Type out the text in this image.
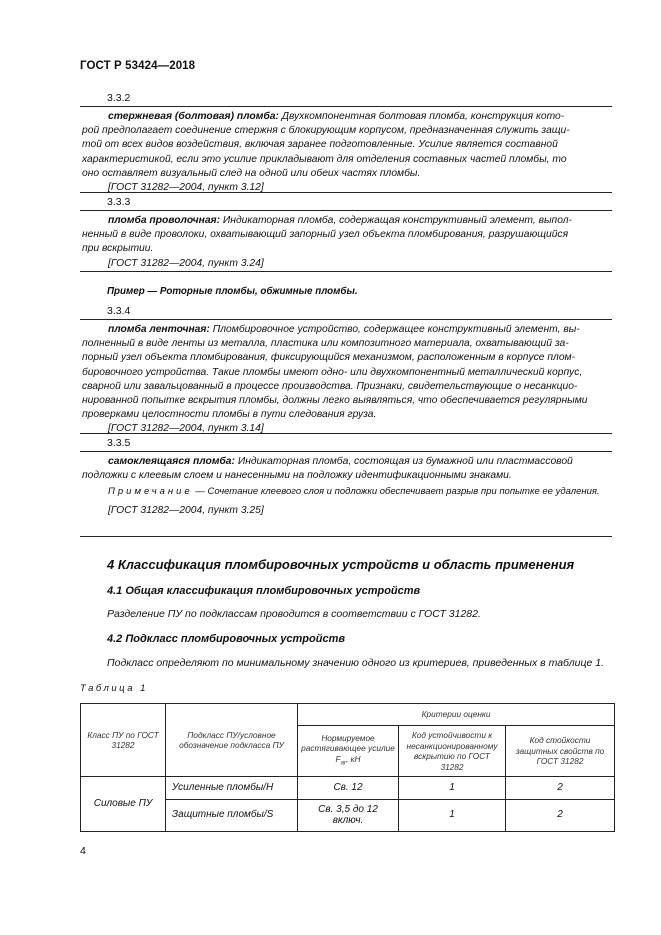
ГОСТ Р 53424—2018
3.3.2

стержневая (болтовая) пломба: Двухкомпонентная болтовая пломба, конструкция кото-

рой предполагает соединение стержня с блокирующим корпусом, предназначенная служить защи-
той от всех видов воздействия, включая заранее подготовленные. Усилие является составной
характеристикой, если это усилие прикладывают для отделения составных частей пломбы, то
оно оставляет визуальный след на одной или обеих частях пломбы.
[ГОСТ 31282—2004, пункт 3.12]
3.3.3

пломба проволочная: Индикаторная пломба, содержащая конструктивный элемент, выпол-

ненный в виде проволоки, охватывающий запорный узел объекта пломбирования, разрушающийся
при вскрытии.
[ГОСТ 31282—2004, пункт 3.24]
Пример — Роторные пломбы, обжимные пломбы.
3.3.4

пломба ленточная: Пломбировочное устройство, содержащее конструктивный элемент, вы-

полненный в виде ленты из металла, пластика или композитного материала, охватывающий за-
порный узел объекта пломбирования, фиксирующийся механизмом, расположенным в корпусе плом-
бировочного устройства. Такие пломбы имеют одно- или двухкомпонентный металлический корпус,
сварной или завальцованный в процессе производства. Признаки, свидетельствующие о несанкцио-
нированной попытке вскрытия пломбы, должны легко выявляться, что обеспечивается регулярными
проверками целостности пломбы в пути следования груза.
[ГОСТ 31282—2004, пункт 3.14]
3.3.5

самоклеящаяся пломба: Индикаторная пломба, состоящая из бумажной или пластмассовой

подложки с клеевым слоем и нанесенными на подложку идентификационными знаками.
Примечание — Сочетание клеевого слоя и подложки обеспечивает разрыв при попытке ее удаления.
[ГОСТ 31282—2004, пункт 3.25]
4 Классификация пломбировочных устройств и область применения
4.1 Общая классификация пломбировочных устройств
Разделение ПУ по подклассам проводится в соответствии с ГОСТ 31282.
4.2 Подкласс пломбировочных устройств
Подкласс определяют по минимальному значению одного из критериев, приведенных в таблице 1.
Таблица 1
Класс ПУ по ГОСТ 31282	Подкласс ПУ/условное обозначение подкласса ПУ	Критерии оценки		
		Нормируемое растягивающее усилие $F_{ar}$, кН	Код устойчивости к несанкционированному вскрытию по ГОСТ 31282	Код стойкости защитных свойств по ГОСТ 31282
Силовые ПУ	Усиленные пломбы/H	Св. 12	1	2
	Защитные пломбы/S	Св. 3,5 до 12 включ.	1	2
4
